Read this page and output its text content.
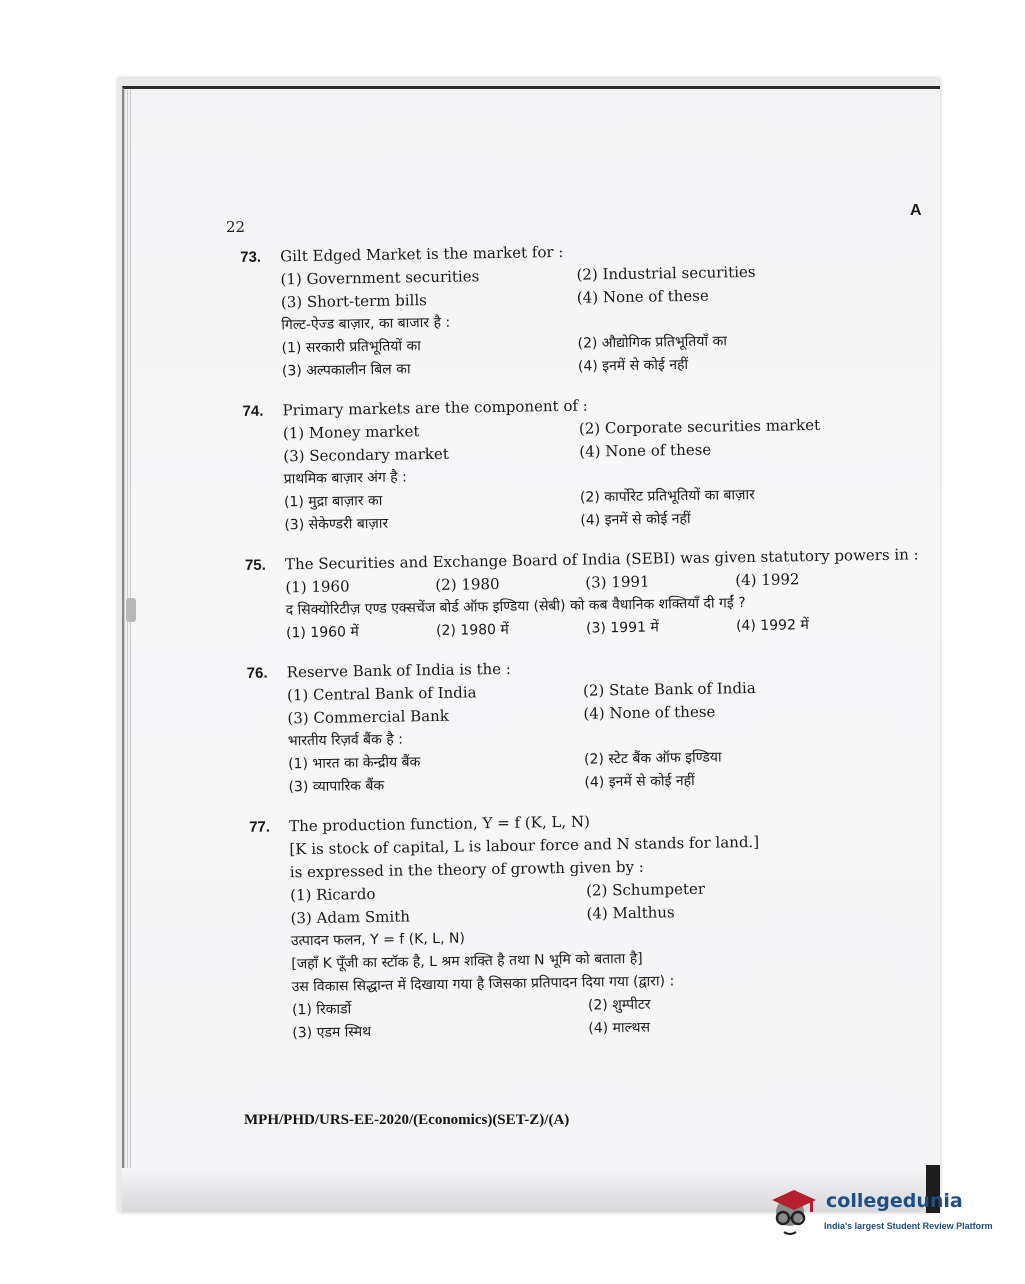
22
A
73.	Gilt Edged Market is the market for :
(1) Government securities	(2) Industrial securities
(3) Short-term bills	(4) None of these
गिल्ट-ऐज्ड बाज़ार, का बाजार है :
(1) सरकारी प्रतिभूतियों का	(2) औद्योगिक प्रतिभूतियाँ का
(3) अल्पकालीन बिल का	(4) इनमें से कोई नहीं
74.	Primary markets are the component of :
(1) Money market	(2) Corporate securities market
(3) Secondary market	(4) None of these
प्राथमिक बाज़ार अंग है :
(1) मुद्रा बाज़ार का	(2) कार्पोरेट प्रतिभूतियों का बाज़ार
(3) सेकेण्डरी बाज़ार	(4) इनमें से कोई नहीं
75.	The Securities and Exchange Board of India (SEBI) was given statutory powers in :
(1) 1960	(2) 1980	(3) 1991	(4) 1992
द सिक्योरिटीज़ एण्ड एक्सचेंज बोर्ड ऑफ इण्डिया (सेबी) को कब वैधानिक शक्तियाँ दी गईं ?
(1) 1960 में	(2) 1980 में	(3) 1991 में	(4) 1992 में
76.	Reserve Bank of India is the :
(1) Central Bank of India	(2) State Bank of India
(3) Commercial Bank	(4) None of these
भारतीय रिज़र्व बैंक है :
(1) भारत का केन्द्रीय बैंक	(2) स्टेट बैंक ऑफ इण्डिया
(3) व्यापारिक बैंक	(4) इनमें से कोई नहीं
77.	The production function, Y = f (K, L, N)
[K is stock of capital, L is labour force and N stands for land.]
is expressed in the theory of growth given by :
(1) Ricardo	(2) Schumpeter
(3) Adam Smith	(4) Malthus
उत्पादन फलन, Y = f (K, L, N)
[जहाँ K पूँजी का स्टॉक है, L श्रम शक्ति है तथा N भूमि को बताता है]
उस विकास सिद्धान्त में दिखाया गया है जिसका प्रतिपादन दिया गया (द्वारा) :
(1) रिकार्डो	(2) शुम्पीटर
(3) एडम स्मिथ	(4) माल्थस
MPH/PHD/URS-EE-2020/(Economics)(SET-Z)/(A)
collegedunia
India's largest Student Review Platform
